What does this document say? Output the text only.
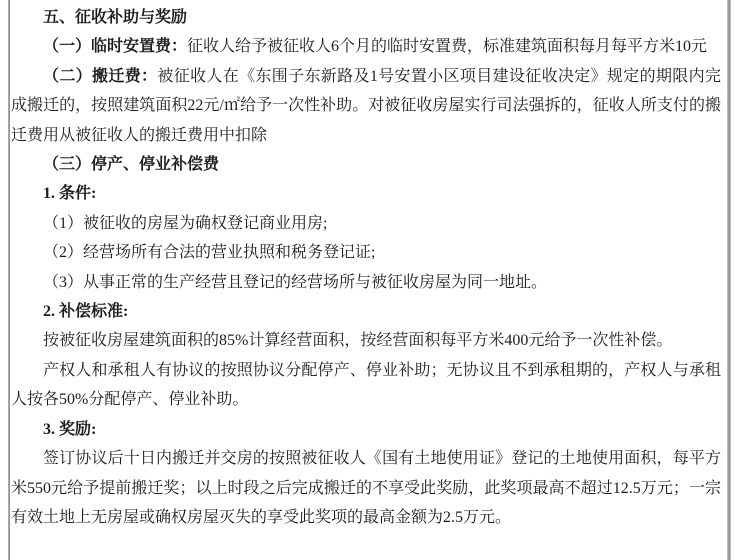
五、征收补助与奖励

（一）临时安置费：征收人给予被征收人6个月的临时安置费，标准建筑面积每月每平方米10元

（二）搬迁费：被征收人在《东围子东新路及1号安置小区项目建设征收决定》规定的期限内完成搬迁的，按照建筑面积22元/㎡给予一次性补助。对被征收房屋实行司法强拆的，征收人所支付的搬迁费用从被征收人的搬迁费用中扣除

（三）停产、停业补偿费

1. 条件:

（1）被征收的房屋为确权登记商业用房;

（2）经营场所有合法的营业执照和税务登记证;

（3）从事正常的生产经营且登记的经营场所与被征收房屋为同一地址。

2. 补偿标准:

按被征收房屋建筑面积的85%计算经营面积，按经营面积每平方米400元给予一次性补偿。

产权人和承租人有协议的按照协议分配停产、停业补助；无协议且不到承租期的，产权人与承租人按各50%分配停产、停业补助。

3. 奖励:

签订协议后十日内搬迁并交房的按照被征收人《国有土地使用证》登记的土地使用面积，每平方米550元给予提前搬迁奖；以上时段之后完成搬迁的不享受此奖励，此奖项最高不超过12.5万元；一宗有效土地上无房屋或确权房屋灭失的享受此奖项的最高金额为2.5万元。
